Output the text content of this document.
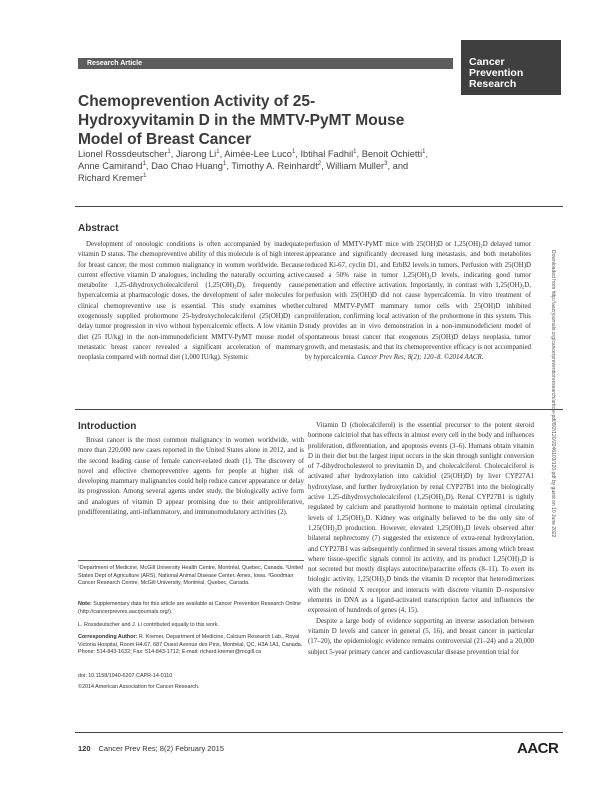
Research Article	Cancer
Prevention
Research
Chemoprevention Activity of 25-Hydroxyvitamin D in the MMTV-PyMT Mouse Model of Breast Cancer
Lionel Rossdeutscher$^1$, Jiarong Li$^1$, Aimée-Lee Luco$^1$, Ibtihal Fadhil$^1$, Benoit Ochietti$^1$,
Anne Camirand$^1$, Dao Chao Huang$^1$, Timothy A. Reinhardt$^2$, William Muller$^3$, and
Richard Kremer$^1$
Abstract

Development of onoologic conditions is often accompanied by inadequate vitamin D status. The chemopreventive ability of this molecule is of high interest for breast cancer, the most common malignancy in women worldwide. Because current effective vitamin D analogues, including the naturally occurring active metabolite 1,25-dihydroxycholecalciferol (1,25(OH)₂D), frequently cause hypercalcemia at pharmacologic doses, the development of safer molecules for clinical chemopreventive use is essential. This study examines whether exogenously supplied prohormone 25-hydroxycholecalciferol (25(OH)D) can delay tumor progression in vivo without hypercalcemic effects. A low vitamin D diet (25 IU/kg) in the non-immunodeficient MMTV-PyMT mouse model of metastatic breast cancer revealed a significant acceleration of mammary neoplasia compared with normal diet (1,000 IU/kg). Systemic

perfusion of MMTV-PyMT mice with 25(OH)D or 1,25(OH)₂D delayed tumor appearance and significantly decreased lung metastasis, and both metabolites reduced Ki-67, cyclin D1, and ErbB2 levels in tumors. Perfusion with 25(OH)D caused a 50% raise in tumor 1,25(OH)₂D levels, indicating good tumor penetration and effective activation. Importantly, in contrast with 1,25(OH)₂D, perfusion with 25(OH)D did not cause hypercalcemia. In vitro treatment of cultured MMTV-PyMT mammary tumor cells with 25(OH)D inhibited proliferation, confirming local activation of the prohormone in this system. This study provides an in vivo demonstration in a non-immunodeficient model of spontaneous breast cancer that exogenous 25(OH)D delays neoplasia, tumor growth, and metastasis, and that its chemopreventive efficacy is not accompanied by hypercalcemia. Cancer Prev Res; 8(2); 120–8. ©2014 AACR.
Introduction
Breast cancer is the most common malignancy in women worldwide, with more than 220,000 new cases reported in the United States alone in 2012, and is the second leading cause of female cancer-related death (1). The discovery of novel and effective chemopreventive agents for people at higher risk of developing mammary malignancies could help reduce cancer appearance or delay its progression. Among several agents under study, the biologically active form and analogues of vitamin D appear promising due to their antiproliferative, prodifferentiating, anti-inflammatory, and immunomodulatory activities (2).
¹Department of Medicine, McGill University Health Centre, Montréal, Quebec, Canada. ²United States Dept of Agriculture (ARS), National Animal Disease Center, Ames, Iowa. ³Goodman Cancer Research Centre, McGill University, Montréal, Quebec, Canada.
Note: Supplementary data for this article are available at Cancer Prevention Research Online (http://cancerprevres.aacrjournals.org/).
L. Rossdeutscher and J. Li contributed equally to this work.
Corresponding Author: R. Kremer, Department of Medicine, Calcium Research Lab., Royal Victoria Hospital, Room H4.67, 687 Ouest Avenue des Pins, Montréal, QC, H3A 1A1, Canada. Phone: 514-843-1632; Fax: 514-843-1712; E-mail: richard.kremer@mcgill.ca
doi: 10.1158/1940-6207.CAPR-14-0110
©2014 American Association for Cancer Research.

Vitamin D (cholecalciferol) is the essential precursor to the potent steroid hormone calcitriol that has effects in almost every cell in the body and influences proliferation, differentiation, and apoptosis events (3–6). Humans obtain vitamin D in their diet but the largest input occurs in the skin through sunlight conversion of 7-dihydrocholesterol to previtamin D₃ and cholecalciferol. Cholecalciferol is activated after hydroxylation into calcidiol (25(OH)D) by liver CYP27A1 hydroxylase, and further hydroxylation by renal CYP27B1 into the biologically active 1,25-dihydroxycholecalciferol (1,25(OH)₂D). Renal CYP27B1 is tightly regulated by calcium and parathyroid hormone to maintain optimal circulating levels of 1,25(OH)₂D. Kidney was originally believed to be the only site of 1,25(OH)₂D production. However, elevated 1,25(OH)₂D levels observed after bilateral nephrectomy (7) suggested the existence of extra-renal hydroxylation, and CYP27B1 was subsequently confirmed in several tissues among which breast where tissue-specific signals control its activity, and its product 1,25(OH)₂D is not secreted but mostly displays autocrine/paracrine effects (8–11). To exert its biologic activity, 1,25(OH)₂D binds the vitamin D receptor that heterodimerizes with the retinoid X receptor and interacts with discrete vitamin D–responsive elements in DNA as a ligand-activated transcription factor and influences the expression of hundreds of genes (4, 15).

Despite a large body of evidence supporting an inverse association between vitamin D levels and cancer in general (5, 16), and breast cancer in particular (17–20), the epidemiologic evidence remains controversial (21–24) and a 20,000 subject 5-year primary cancer and cardiovascular disease prevention trial for

Downloaded from http://aacrjournals.org/cancerpreventionresearch/article-pdf/8/2/120/2246103/120.pdf by guest on 10 June 2022
120 Cancer Prev Res; 8(2) February 2015	AACR
